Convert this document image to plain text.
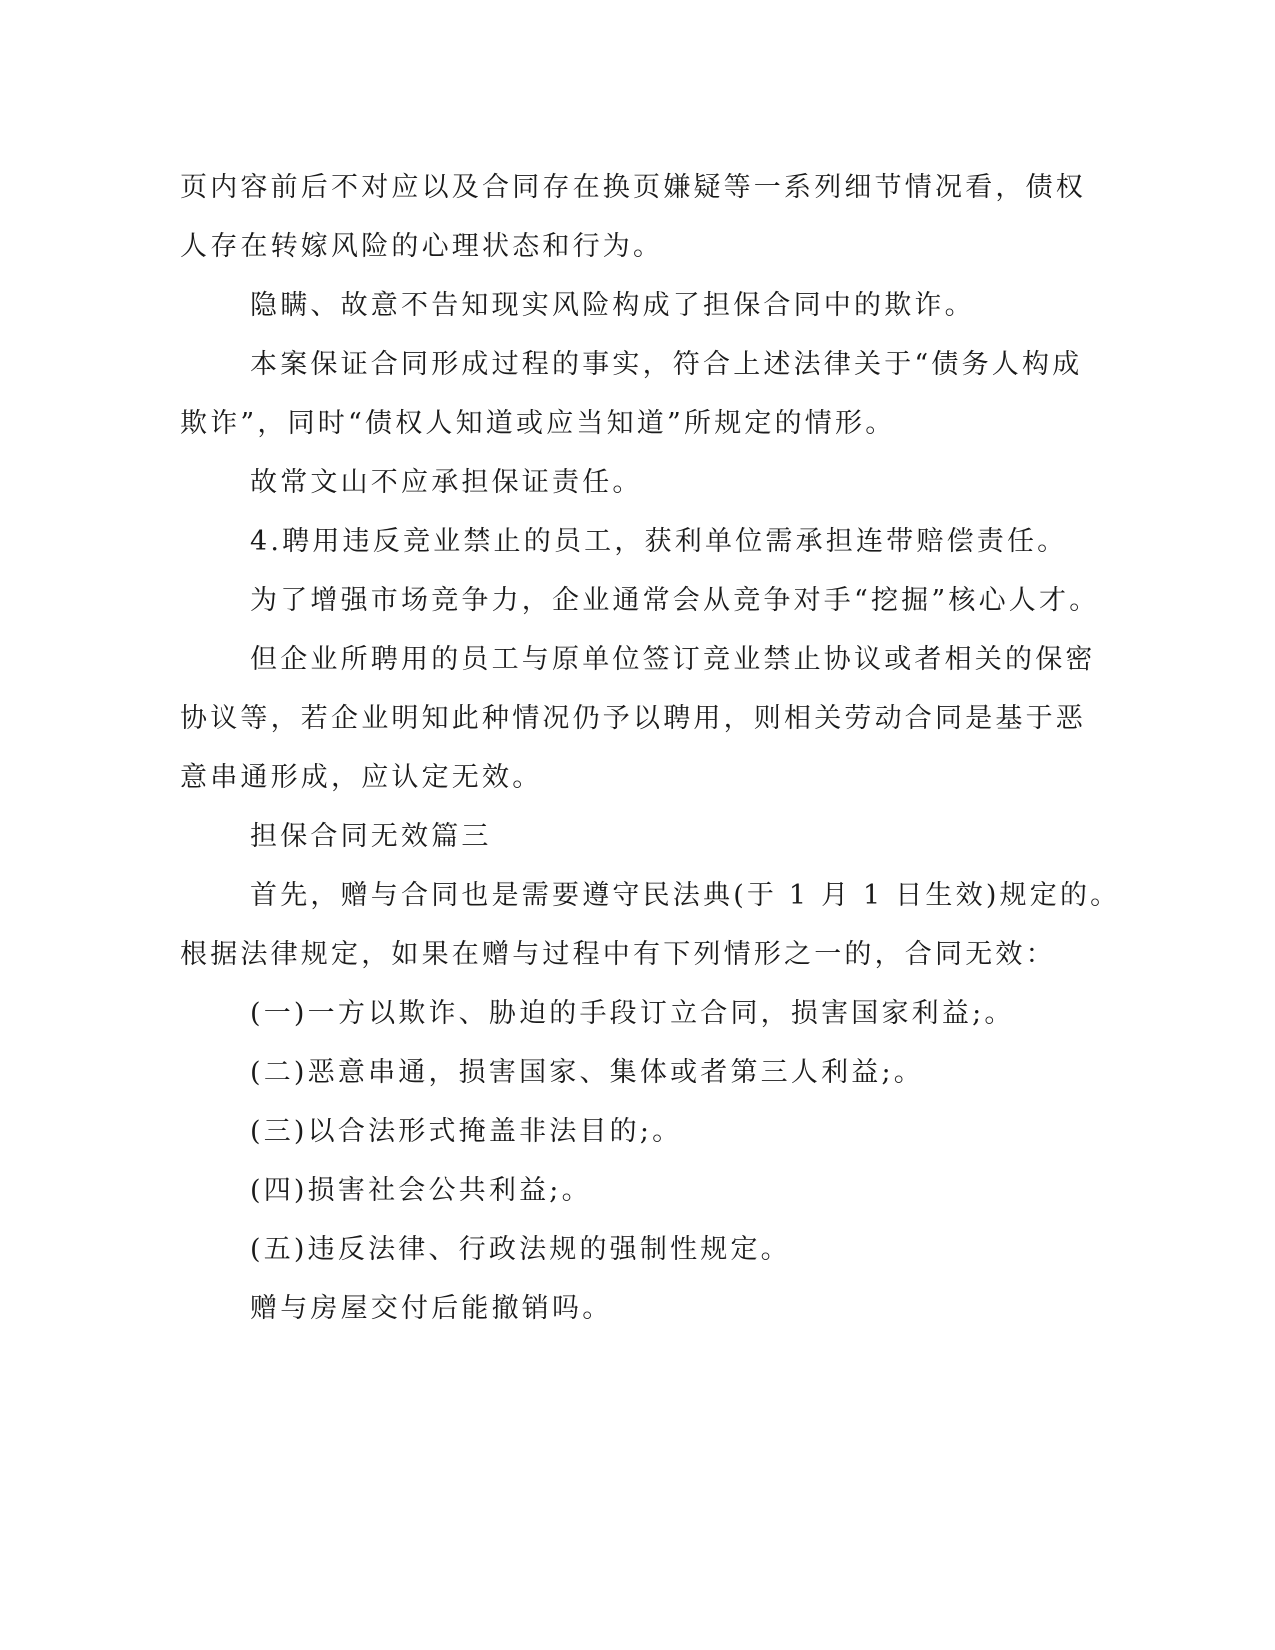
页内容前后不对应以及合同存在换页嫌疑等一系列细节情况看，债权
人存在转嫁风险的心理状态和行为。
隐瞒、故意不告知现实风险构成了担保合同中的欺诈。
本案保证合同形成过程的事实，符合上述法律关于“债务人构成
欺诈”，同时“债权人知道或应当知道”所规定的情形。
故常文山不应承担保证责任。
4.聘用违反竞业禁止的员工，获利单位需承担连带赔偿责任。
为了增强市场竞争力，企业通常会从竞争对手“挖掘”核心人才。
但企业所聘用的员工与原单位签订竞业禁止协议或者相关的保密
协议等，若企业明知此种情况仍予以聘用，则相关劳动合同是基于恶
意串通形成，应认定无效。
担保合同无效篇三
首先，赠与合同也是需要遵守民法典(于 1 月 1 日生效)规定的。
根据法律规定，如果在赠与过程中有下列情形之一的，合同无效：
(一)一方以欺诈、胁迫的手段订立合同，损害国家利益;。
(二)恶意串通，损害国家、集体或者第三人利益;。
(三)以合法形式掩盖非法目的;。
(四)损害社会公共利益;。
(五)违反法律、行政法规的强制性规定。
赠与房屋交付后能撤销吗。
